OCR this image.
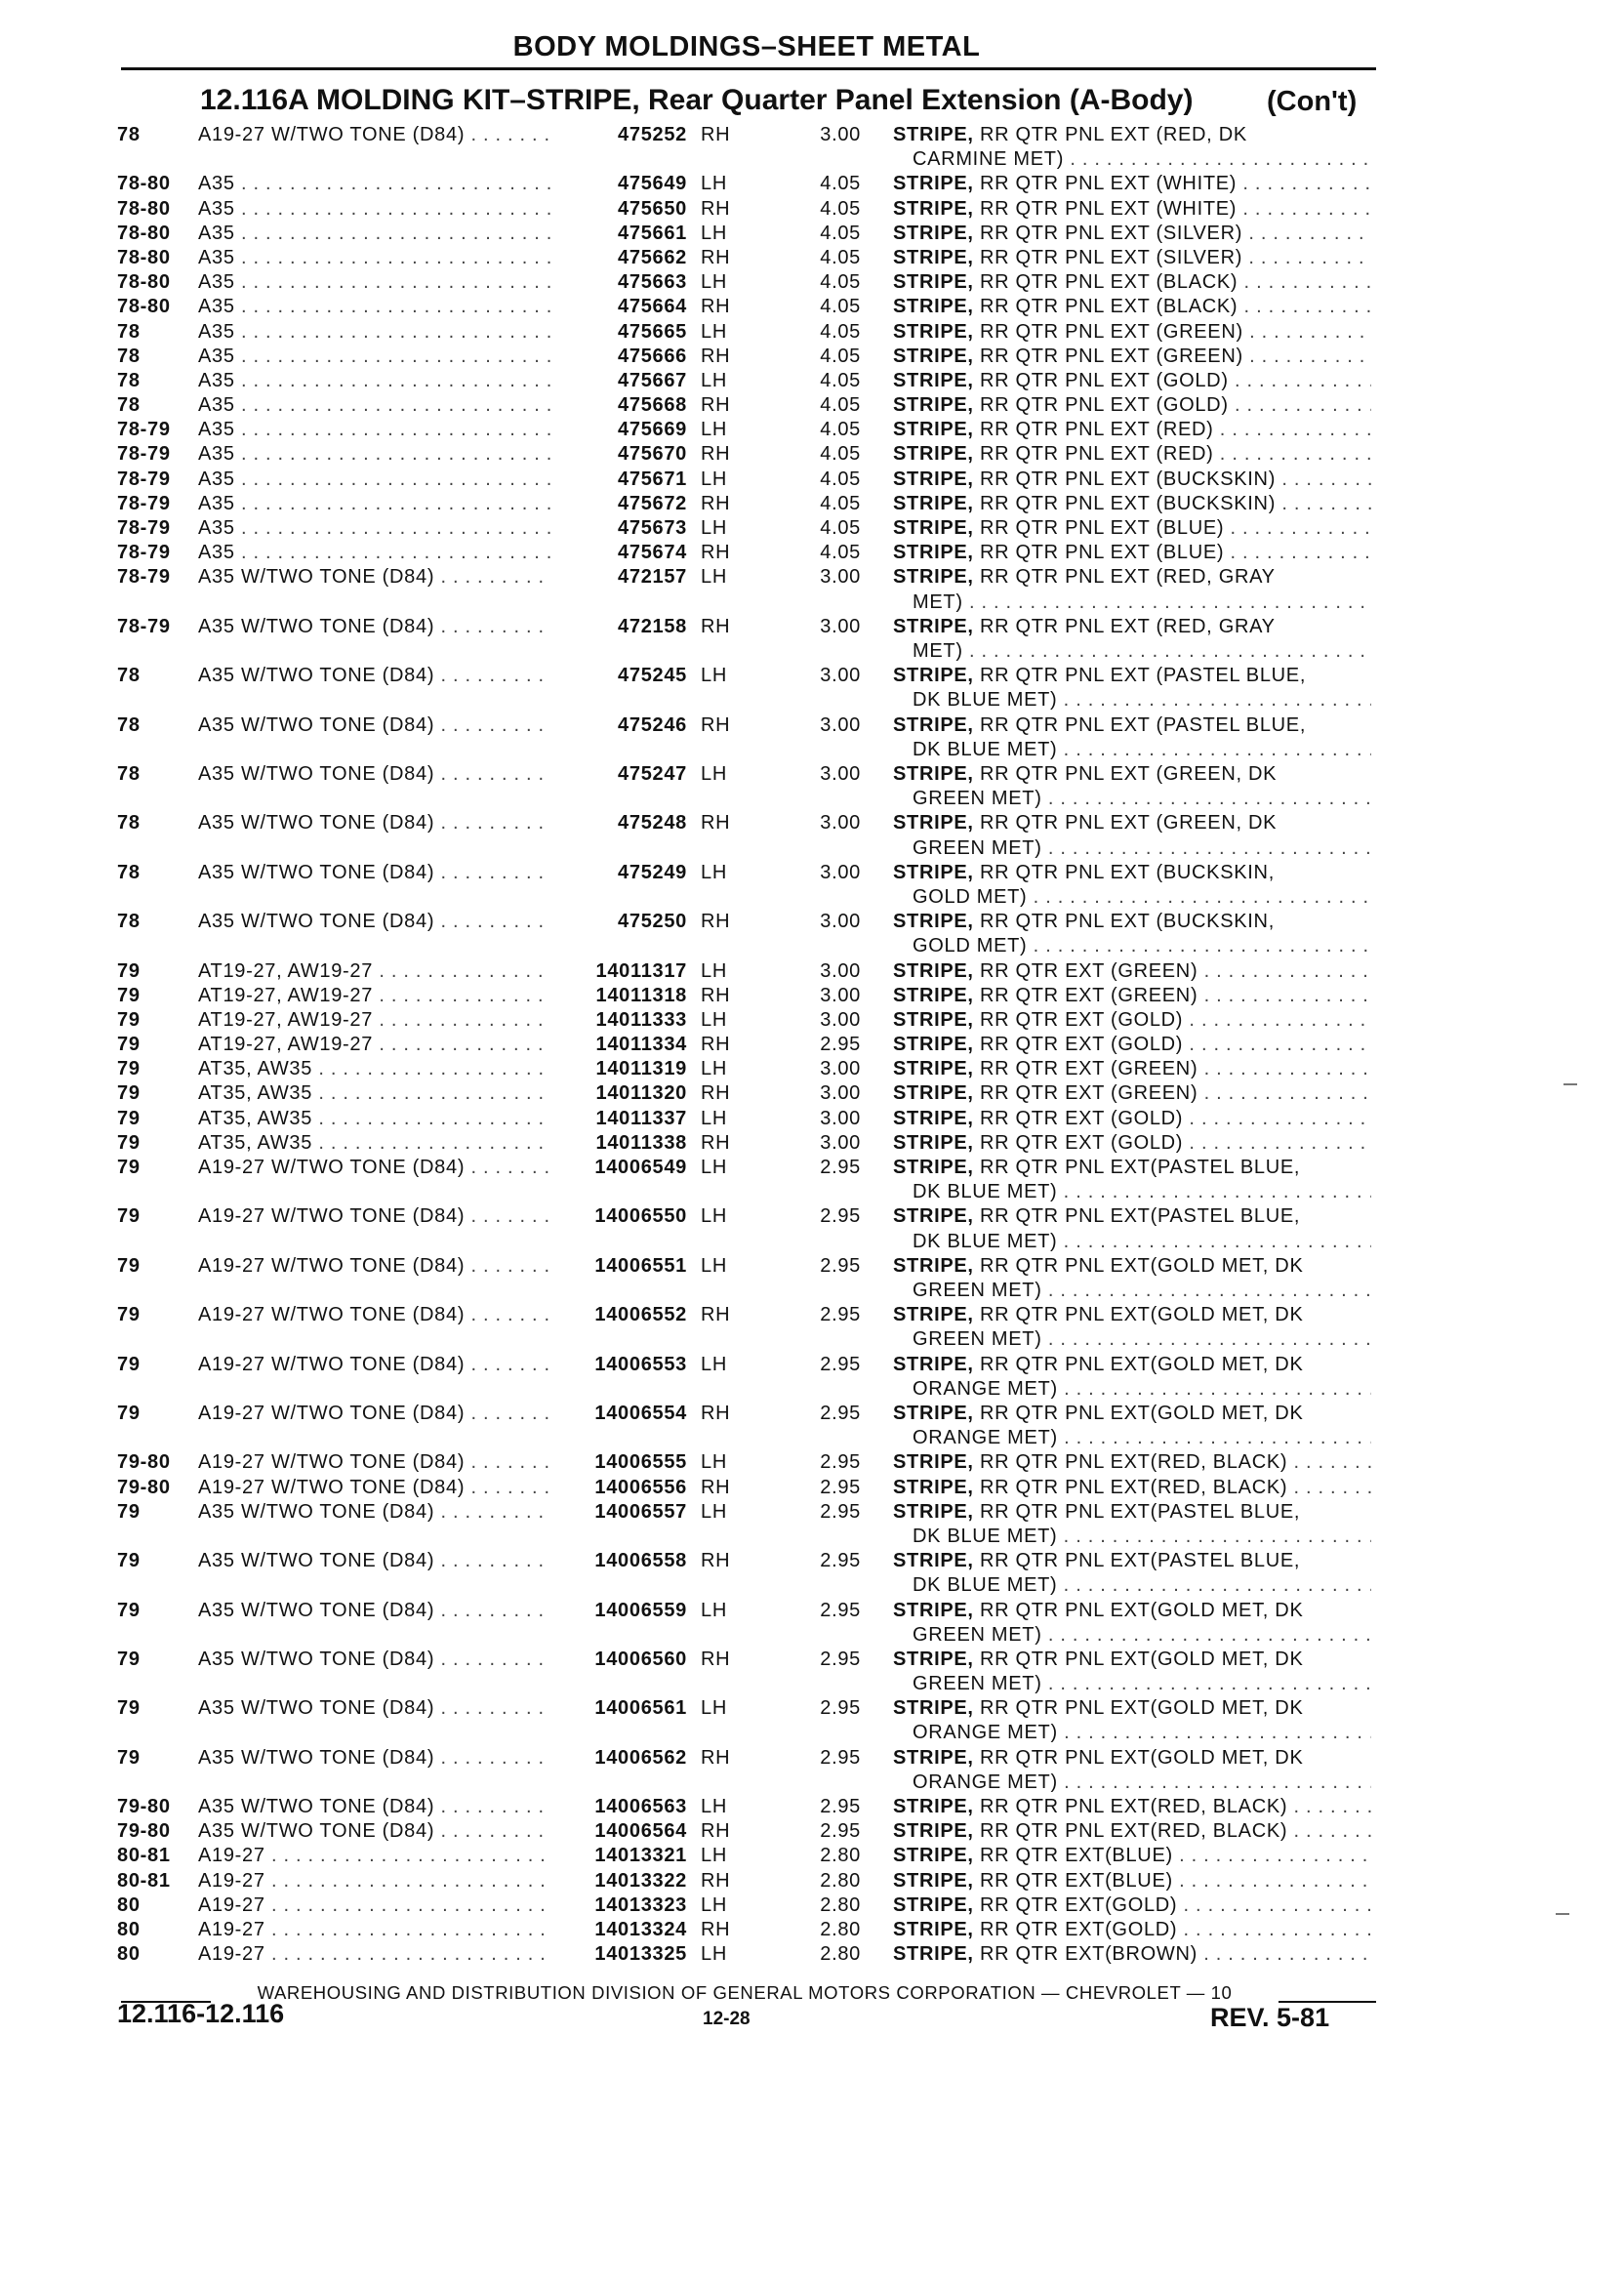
BODY MOLDINGS–SHEET METAL
12.116A MOLDING KIT–STRIPE, Rear Quarter Panel Extension (A-Body)	(Con't)
78	A19-27 W/TWO TONE (D84) . . .	475252 RH	3.00 STRIPE, RR QTR PNL EXT (RED, DK
CARMINE MET) . . .
78-80 A35 . . .	475649 LH	4.05 STRIPE, RR QTR PNL EXT (WHITE) . . .
78-80 A35 . . .	475650 RH	4.05 STRIPE, RR QTR PNL EXT (WHITE) . . .
78-80 A35 . . .	475661 LH	4.05 STRIPE, RR QTR PNL EXT (SILVER) . . .
78-80 A35 . . .	475662 RH	4.05 STRIPE, RR QTR PNL EXT (SILVER) . . .
78-80 A35 . . .	475663 LH	4.05 STRIPE, RR QTR PNL EXT (BLACK) . . .
78-80 A35 . . .	475664 RH	4.05 STRIPE, RR QTR PNL EXT (BLACK) . . .
78	A35 . . .	475665 LH	4.05 STRIPE, RR QTR PNL EXT (GREEN) . . .
78	A35 . . .	475666 RH	4.05 STRIPE, RR QTR PNL EXT (GREEN) . . .
78	A35 . . .	475667 LH	4.05 STRIPE, RR QTR PNL EXT (GOLD) . . .
78	A35 . . .	475668 RH	4.05 STRIPE, RR QTR PNL EXT (GOLD) . . .
78-79 A35 . . .	475669 LH	4.05 STRIPE, RR QTR PNL EXT (RED) . . .
78-79 A35 . . .	475670 RH	4.05 STRIPE, RR QTR PNL EXT (RED) . . .
78-79 A35 . . .	475671 LH	4.05 STRIPE, RR QTR PNL EXT (BUCKSKIN) . . .
78-79 A35 . . .	475672 RH	4.05 STRIPE, RR QTR PNL EXT (BUCKSKIN) . . .
78-79 A35 . . .	475673 LH	4.05 STRIPE, RR QTR PNL EXT (BLUE) . . .
78-79 A35 . . .	475674 RH	4.05 STRIPE, RR QTR PNL EXT (BLUE) . . .
78-79 A35 W/TWO TONE (D84) . . .	472157 LH	3.00 STRIPE, RR QTR PNL EXT (RED, GRAY
MET) . . .
78-79 A35 W/TWO TONE (D84) . . .	472158 RH	3.00 STRIPE, RR QTR PNL EXT (RED, GRAY
MET) . . .
78	A35 W/TWO TONE (D84) . . .	475245 LH	3.00 STRIPE, RR QTR PNL EXT (PASTEL BLUE,
DK BLUE MET) . . .
78	A35 W/TWO TONE (D84) . . .	475246 RH	3.00 STRIPE, RR QTR PNL EXT (PASTEL BLUE,
DK BLUE MET) . . .
78	A35 W/TWO TONE (D84) . . .	475247 LH	3.00 STRIPE, RR QTR PNL EXT (GREEN, DK
GREEN MET) . . .
78	A35 W/TWO TONE (D84) . . .	475248 RH	3.00 STRIPE, RR QTR PNL EXT (GREEN, DK
GREEN MET) . . .
78	A35 W/TWO TONE (D84) . . .	475249 LH	3.00 STRIPE, RR QTR PNL EXT (BUCKSKIN,
GOLD MET) . . .
78	A35 W/TWO TONE (D84) . . .	475250 RH	3.00 STRIPE, RR QTR PNL EXT (BUCKSKIN,
GOLD MET) . . .
79	AT19-27, AW19-27 . . .	14011317 LH	3.00 STRIPE, RR QTR EXT (GREEN) . . .
79	AT19-27, AW19-27 . . .	14011318 RH	3.00 STRIPE, RR QTR EXT (GREEN) . . .
79	AT19-27, AW19-27 . . .	14011333 LH	3.00 STRIPE, RR QTR EXT (GOLD) . . .
79	AT19-27, AW19-27 . . .	14011334 RH	2.95 STRIPE, RR QTR EXT (GOLD) . . .
79	AT35, AW35 . . .	14011319 LH	3.00 STRIPE, RR QTR EXT (GREEN) . . .
79	AT35, AW35 . . .	14011320 RH	3.00 STRIPE, RR QTR EXT (GREEN) . . .
79	AT35, AW35 . . .	14011337 LH	3.00 STRIPE, RR QTR EXT (GOLD) . . .
79	AT35, AW35 . . .	14011338 RH	3.00 STRIPE, RR QTR EXT (GOLD) . . .
79	A19-27 W/TWO TONE (D84) . . .	14006549 LH	2.95 STRIPE, RR QTR PNL EXT(PASTEL BLUE,
DK BLUE MET) . . .
79	A19-27 W/TWO TONE (D84) . . .	14006550 LH	2.95 STRIPE, RR QTR PNL EXT(PASTEL BLUE,
DK BLUE MET) . . .
79	A19-27 W/TWO TONE (D84) . . .	14006551 LH	2.95 STRIPE, RR QTR PNL EXT(GOLD MET, DK
GREEN MET) . . .
79	A19-27 W/TWO TONE (D84) . . .	14006552 RH	2.95 STRIPE, RR QTR PNL EXT(GOLD MET, DK
GREEN MET) . . .
79	A19-27 W/TWO TONE (D84) . . .	14006553 LH	2.95 STRIPE, RR QTR PNL EXT(GOLD MET, DK
ORANGE MET) . . .
79	A19-27 W/TWO TONE (D84) . . .	14006554 RH	2.95 STRIPE, RR QTR PNL EXT(GOLD MET, DK
ORANGE MET) . . .
79-80 A19-27 W/TWO TONE (D84) . . .	14006555 LH	2.95 STRIPE, RR QTR PNL EXT(RED, BLACK) . . .
79-80 A19-27 W/TWO TONE (D84) . . .	14006556 RH	2.95 STRIPE, RR QTR PNL EXT(RED, BLACK) . . .
79	A35 W/TWO TONE (D84) . . .	14006557 LH	2.95 STRIPE, RR QTR PNL EXT(PASTEL BLUE,
DK BLUE MET) . . .
79	A35 W/TWO TONE (D84) . . .	14006558 RH	2.95 STRIPE, RR QTR PNL EXT(PASTEL BLUE,
DK BLUE MET) . . .
79	A35 W/TWO TONE (D84) . . .	14006559 LH	2.95 STRIPE, RR QTR PNL EXT(GOLD MET, DK
GREEN MET) . . .
79	A35 W/TWO TONE (D84) . . .	14006560 RH	2.95 STRIPE, RR QTR PNL EXT(GOLD MET, DK
GREEN MET) . . .
79	A35 W/TWO TONE (D84) . . .	14006561 LH	2.95 STRIPE, RR QTR PNL EXT(GOLD MET, DK
ORANGE MET) . . .
79	A35 W/TWO TONE (D84) . . .	14006562 RH	2.95 STRIPE, RR QTR PNL EXT(GOLD MET, DK
ORANGE MET) . . .
79-80 A35 W/TWO TONE (D84) . . .	14006563 LH	2.95 STRIPE, RR QTR PNL EXT(RED, BLACK) . . .
79-80 A35 W/TWO TONE (D84) . . .	14006564 RH	2.95 STRIPE, RR QTR PNL EXT(RED, BLACK) . . .
80-81 A19-27 . . .	14013321 LH	2.80 STRIPE, RR QTR EXT(BLUE) . . .
80-81 A19-27 . . .	14013322 RH	2.80 STRIPE, RR QTR EXT(BLUE) . . .
80	A19-27 . . .	14013323 LH	2.80 STRIPE, RR QTR EXT(GOLD) . . .
80	A19-27 . . .	14013324 RH	2.80 STRIPE, RR QTR EXT(GOLD) . . .
80	A19-27 . . .	14013325 LH	2.80 STRIPE, RR QTR EXT(BROWN) . . .
WAREHOUSING AND DISTRIBUTION DIVISION OF GENERAL MOTORS CORPORATION — CHEVROLET — 10
12.116-12.116	12-28	REV. 5-81
